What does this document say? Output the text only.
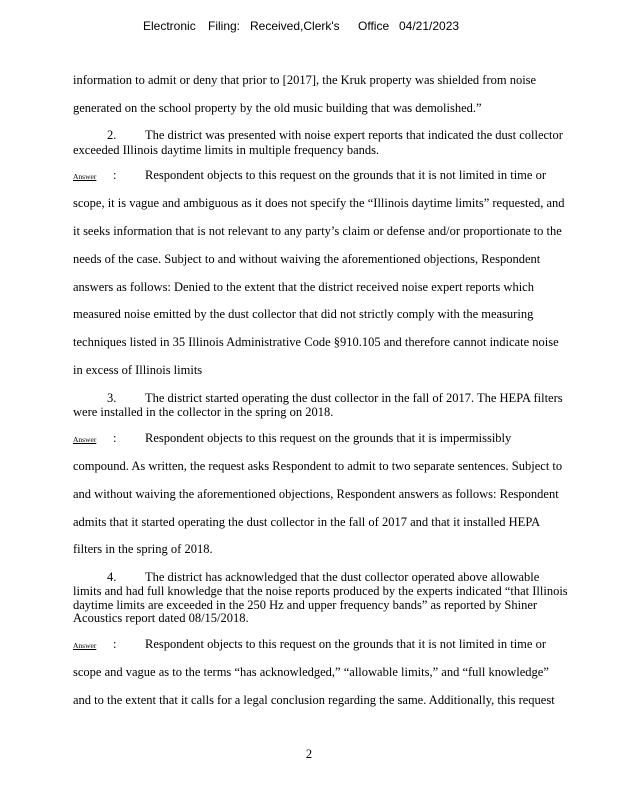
Electronic Filing: Received,Clerk's Office 04/21/2023
information to admit or deny that prior to [2017], the Kruk property was shielded from noise
generated on the school property by the old music building that was demolished.”
2. The district was presented with noise expert reports that indicated the dust collector
exceeded Illinois daytime limits in multiple frequency bands.
Answer : Respondent objects to this request on the grounds that it is not limited in time or
scope, it is vague and ambiguous as it does not specify the “Illinois daytime limits” requested, and
it seeks information that is not relevant to any party’s claim or defense and/or proportionate to the
needs of the case. Subject to and without waiving the aforementioned objections, Respondent
answers as follows: Denied to the extent that the district received noise expert reports which
measured noise emitted by the dust collector that did not strictly comply with the measuring
techniques listed in 35 Illinois Administrative Code §910.105 and therefore cannot indicate noise
in excess of Illinois limits
3. The district started operating the dust collector in the fall of 2017. The HEPA filters
were installed in the collector in the spring on 2018.
Answer : Respondent objects to this request on the grounds that it is impermissibly
compound. As written, the request asks Respondent to admit to two separate sentences. Subject to
and without waiving the aforementioned objections, Respondent answers as follows: Respondent
admits that it started operating the dust collector in the fall of 2017 and that it installed HEPA
filters in the spring of 2018.
4. The district has acknowledged that the dust collector operated above allowable
limits and had full knowledge that the noise reports produced by the experts indicated “that Illinois
daytime limits are exceeded in the 250 Hz and upper frequency bands” as reported by Shiner
Acoustics report dated 08/15/2018.
Answer : Respondent objects to this request on the grounds that it is not limited in time or
scope and vague as to the terms “has acknowledged,” “allowable limits,” and “full knowledge”
and to the extent that it calls for a legal conclusion regarding the same. Additionally, this request
2
